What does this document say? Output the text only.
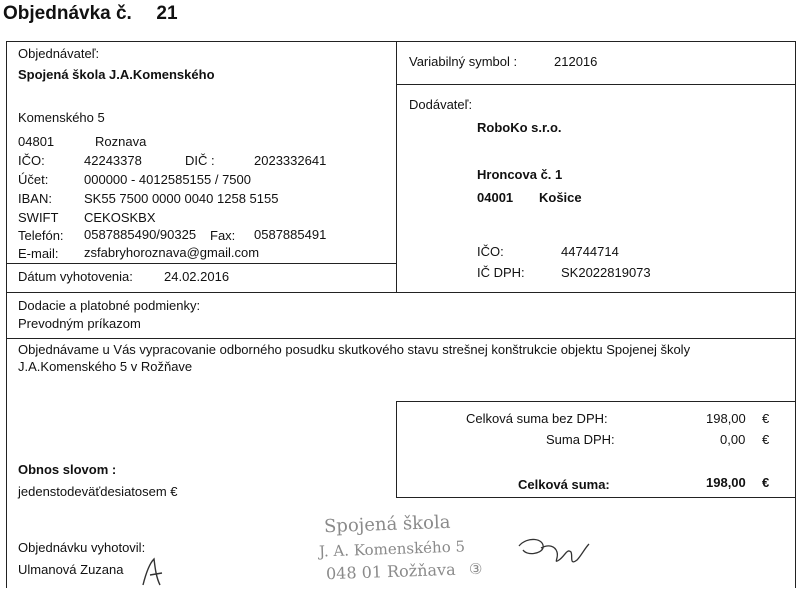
Objednávka č. 21
Objednávateľ:
Spojená škola J.A.Komenského
Komenského 5
04801	Roznava
IČO:	42243378	DIČ :	2023332641
Účet:	000000 - 4012585155 / 7500
IBAN: SK55 7500 0000 0040 1258 5155
SWIFT CEKOSKBX
Telefón: 0587885490/90325 Fax: 0587885491
E-mail: zsfabryhoroznava@gmail.com
Dátum vyhotovenia: 24.02.2016
Variabilný symbol :	212016
Dodávateľ:
RoboKo s.r.o.
Hroncova č. 1
04001 Košice
IČO:	44744714
IČ DPH:	SK2022819073
Dodacie a platobné podmienky:
Prevodným príkazom
Objednávame u Vás vypracovanie odborného posudku skutkového stavu strešnej konštrukcie objektu Spojenej školy
J.A.Komenského 5 v Rožňave
Celková suma bez DPH:	198,00 €
Suma DPH:	0,00 €
Celková suma:	198,00 €
Obnos slovom :
jedenstodeväťdesiatosem €
Objednávku vyhotovil:
Ulmanová Zuzana
Spojená škola
J. A. Komenského 5
048 01 Rožňava ③
